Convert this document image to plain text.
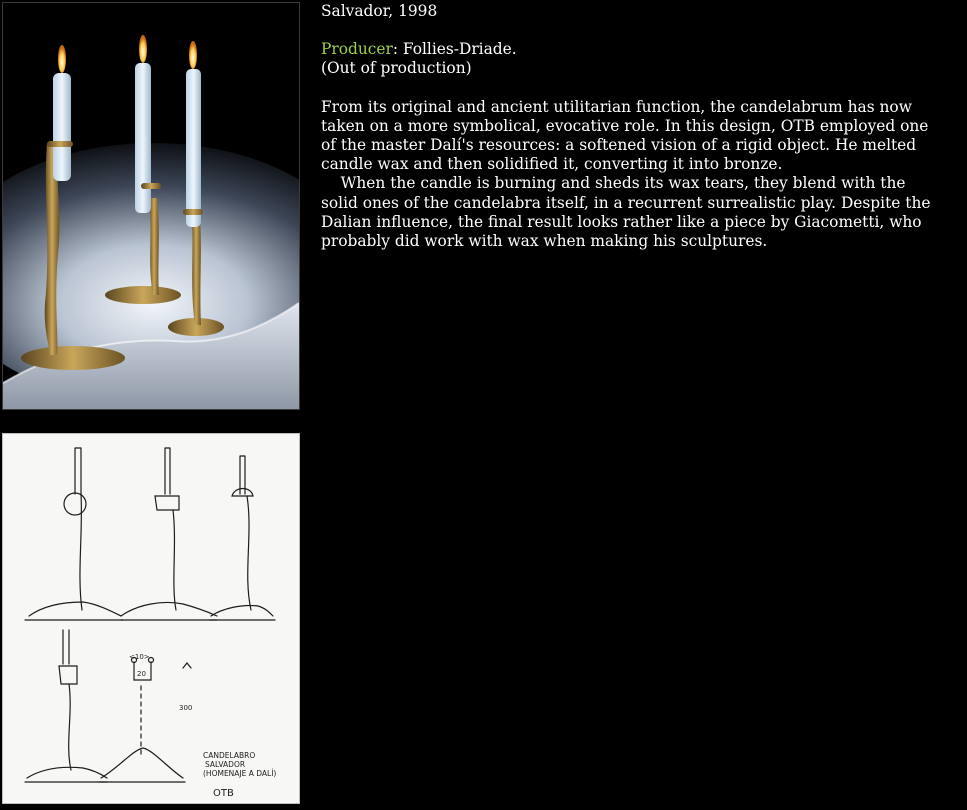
<10>
20
300
CANDELABRO
SALVADOR
(HOMENAJE A DALÍ)
OTB

Salvador, 1998

Producer: Follies-Driade.

(Out of production)

From its original and ancient utilitarian function, the candelabrum has now taken on a more symbolical, evocative role. In this design, OTB employed one of the master Dalí's resources: a softened vision of a rigid object. He melted candle wax and then solidified it, converting it into bronze.
When the candle is burning and sheds its wax tears, they blend with the solid ones of the candelabra itself, in a recurrent surrealistic play. Despite the Dalian influence, the final result looks rather like a piece by Giacometti, who probably did work with wax when making his sculptures.
